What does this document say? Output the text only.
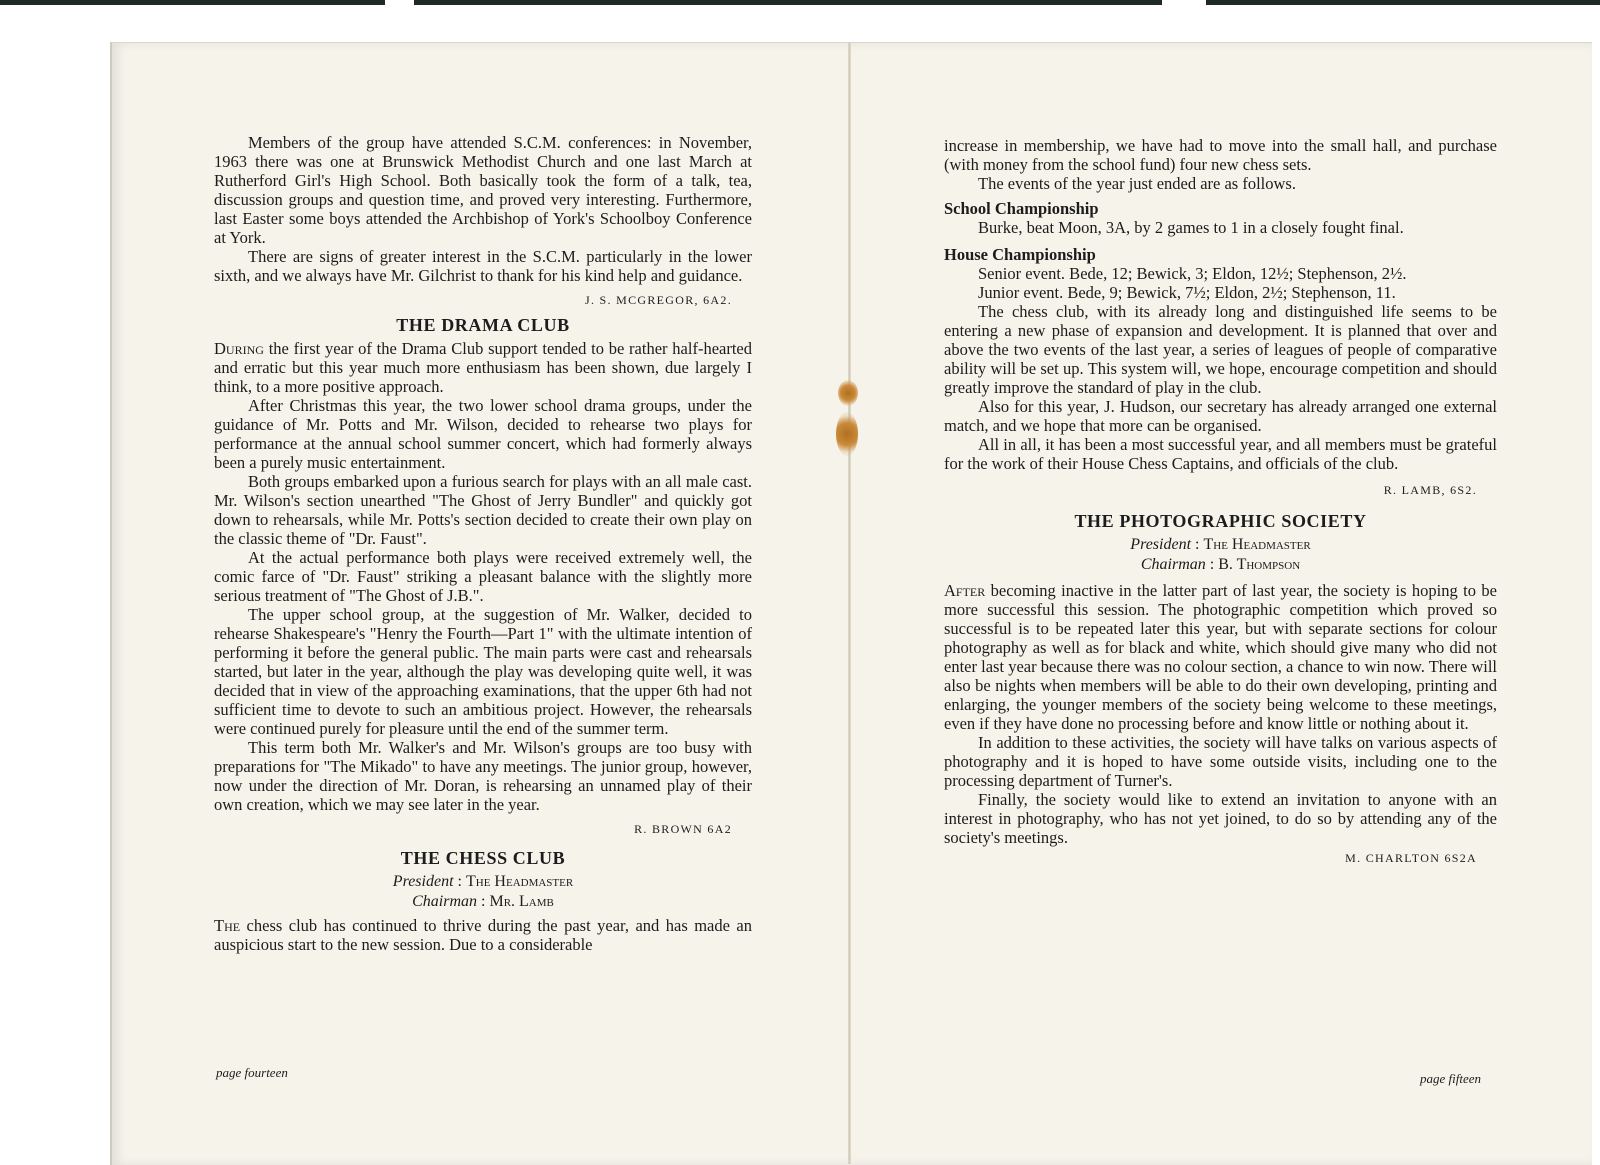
Members of the group have attended S.C.M. conferences: in November, 1963 there was one at Brunswick Methodist Church and one last March at Rutherford Girl's High School. Both basically took the form of a talk, tea, discussion groups and question time, and proved very interesting. Furthermore, last Easter some boys attended the Archbishop of York's Schoolboy Conference at York.

There are signs of greater interest in the S.C.M. particularly in the lower sixth, and we always have Mr. Gilchrist to thank for his kind help and guidance.

J. S. MCGREGOR, 6A2.
THE DRAMA CLUB

During the first year of the Drama Club support tended to be rather half-hearted and erratic but this year much more enthusiasm has been shown, due largely I think, to a more positive approach.

After Christmas this year, the two lower school drama groups, under the guidance of Mr. Potts and Mr. Wilson, decided to rehearse two plays for performance at the annual school summer concert, which had formerly always been a purely music entertainment.

Both groups embarked upon a furious search for plays with an all male cast. Mr. Wilson's section unearthed "The Ghost of Jerry Bundler" and quickly got down to rehearsals, while Mr. Potts's section decided to create their own play on the classic theme of "Dr. Faust".

At the actual performance both plays were received extremely well, the comic farce of "Dr. Faust" striking a pleasant balance with the slightly more serious treatment of "The Ghost of J.B.".

The upper school group, at the suggestion of Mr. Walker, decided to rehearse Shakespeare's "Henry the Fourth—Part 1" with the ultimate intention of performing it before the general public. The main parts were cast and rehearsals started, but later in the year, although the play was developing quite well, it was decided that in view of the approaching examinations, that the upper 6th had not sufficient time to devote to such an ambitious project. However, the rehearsals were continued purely for pleasure until the end of the summer term.

This term both Mr. Walker's and Mr. Wilson's groups are too busy with preparations for "The Mikado" to have any meetings. The junior group, however, now under the direction of Mr. Doran, is rehearsing an unnamed play of their own creation, which we may see later in the year.

R. BROWN 6A2
THE CHESS CLUB
President : The Headmaster
Chairman : Mr. Lamb

The chess club has continued to thrive during the past year, and has made an auspicious start to the new session. Due to a considerable

page fourteen

increase in membership, we have had to move into the small hall, and purchase (with money from the school fund) four new chess sets.

The events of the year just ended are as follows.

School Championship

Burke, beat Moon, 3A, by 2 games to 1 in a closely fought final.

House Championship

Senior event. Bede, 12; Bewick, 3; Eldon, 12½; Stephenson, 2½.

Junior event. Bede, 9; Bewick, 7½; Eldon, 2½; Stephenson, 11.

The chess club, with its already long and distinguished life seems to be entering a new phase of expansion and development. It is planned that over and above the two events of the last year, a series of leagues of people of comparative ability will be set up. This system will, we hope, encourage competition and should greatly improve the standard of play in the club.

Also for this year, J. Hudson, our secretary has already arranged one external match, and we hope that more can be organised.

All in all, it has been a most successful year, and all members must be grateful for the work of their House Chess Captains, and officials of the club.

R. LAMB, 6S2.
THE PHOTOGRAPHIC SOCIETY
President : The Headmaster
Chairman : B. Thompson

After becoming inactive in the latter part of last year, the society is hoping to be more successful this session. The photographic competition which proved so successful is to be repeated later this year, but with separate sections for colour photography as well as for black and white, which should give many who did not enter last year because there was no colour section, a chance to win now. There will also be nights when members will be able to do their own developing, printing and enlarging, the younger members of the society being welcome to these meetings, even if they have done no processing before and know little or nothing about it.

In addition to these activities, the society will have talks on various aspects of photography and it is hoped to have some outside visits, including one to the processing department of Turner's.

Finally, the society would like to extend an invitation to anyone with an interest in photography, who has not yet joined, to do so by attending any of the society's meetings.

M. CHARLTON 6S2A
page fifteen
